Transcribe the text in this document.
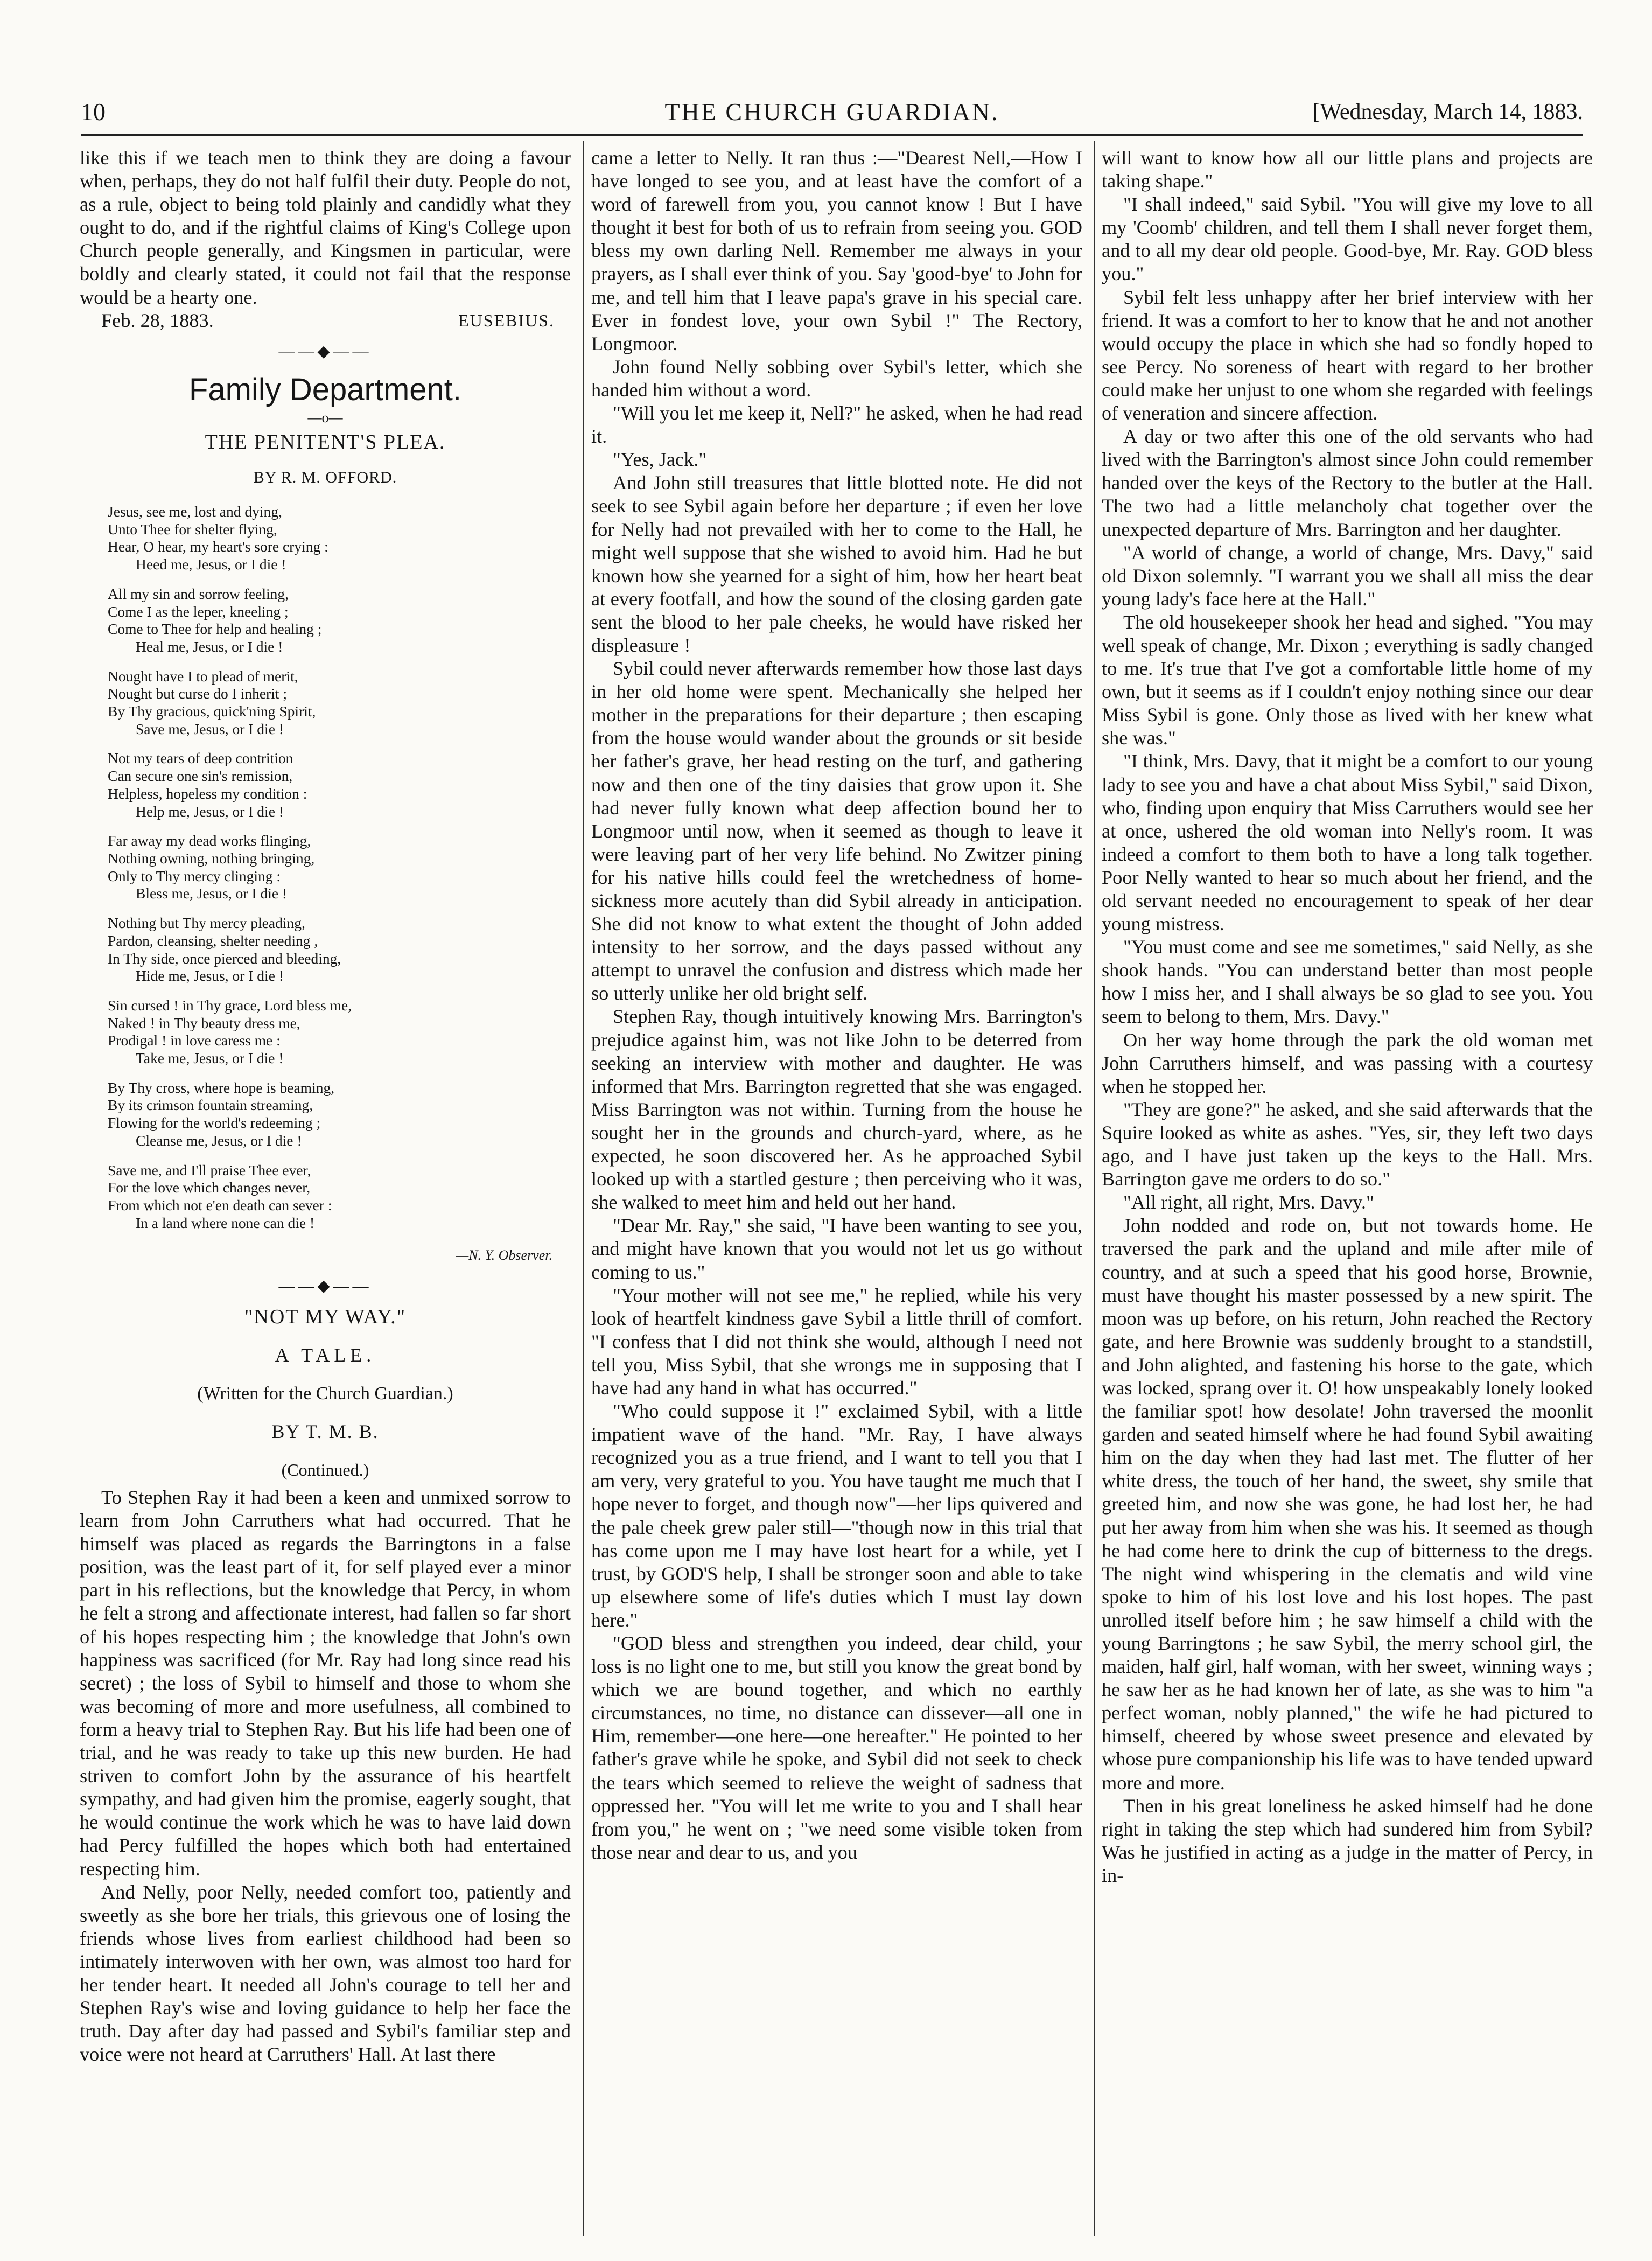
10	THE CHURCH GUARDIAN.	[Wednesday, March 14, 1883.

like this if we teach men to think they are doing a favour when, perhaps, they do not half fulfil their duty. People do not, as a rule, object to being told plainly and candidly what they ought to do, and if the rightful claims of King's College upon Church people generally, and Kingsmen in particular, were boldly and clearly stated, it could not fail that the response would be a hearty one.

Feb. 28, 1883.	EUSEBIUS.
——◆——
Family Department.
—o—
THE PENITENT'S PLEA.
BY R. M. OFFORD.
Jesus, see me, lost and dying,
Unto Thee for shelter flying,
Hear, O hear, my heart's sore crying :
Heed me, Jesus, or I die !
All my sin and sorrow feeling,
Come I as the leper, kneeling ;
Come to Thee for help and healing ;
Heal me, Jesus, or I die !
Nought have I to plead of merit,
Nought but curse do I inherit ;
By Thy gracious, quick'ning Spirit,
Save me, Jesus, or I die !
Not my tears of deep contrition
Can secure one sin's remission,
Helpless, hopeless my condition :
Help me, Jesus, or I die !
Far away my dead works flinging,
Nothing owning, nothing bringing,
Only to Thy mercy clinging :
Bless me, Jesus, or I die !
Nothing but Thy mercy pleading,
Pardon, cleansing, shelter needing ,
In Thy side, once pierced and bleeding,
Hide me, Jesus, or I die !
Sin cursed ! in Thy grace, Lord bless me,
Naked ! in Thy beauty dress me,
Prodigal ! in love caress me :
Take me, Jesus, or I die !
By Thy cross, where hope is beaming,
By its crimson fountain streaming,
Flowing for the world's redeeming ;
Cleanse me, Jesus, or I die !
Save me, and I'll praise Thee ever,
For the love which changes never,
From which not e'en death can sever :
In a land where none can die !
—N. Y. Observer.
——◆——
"NOT MY WAY."
A TALE.
(Written for the Church Guardian.)
BY T. M. B.
(Continued.)

To Stephen Ray it had been a keen and unmixed sorrow to learn from John Carruthers what had occurred. That he himself was placed as regards the Barringtons in a false position, was the least part of it, for self played ever a minor part in his reflections, but the knowledge that Percy, in whom he felt a strong and affectionate interest, had fallen so far short of his hopes respecting him ; the knowledge that John's own happiness was sacrificed (for Mr. Ray had long since read his secret) ; the loss of Sybil to himself and those to whom she was becoming of more and more usefulness, all combined to form a heavy trial to Stephen Ray. But his life had been one of trial, and he was ready to take up this new burden. He had striven to comfort John by the assurance of his heartfelt sympathy, and had given him the promise, eagerly sought, that he would continue the work which he was to have laid down had Percy fulfilled the hopes which both had entertained respecting him.

And Nelly, poor Nelly, needed comfort too, patiently and sweetly as she bore her trials, this grievous one of losing the friends whose lives from earliest childhood had been so intimately interwoven with her own, was almost too hard for her tender heart. It needed all John's courage to tell her and Stephen Ray's wise and loving guidance to help her face the truth. Day after day had passed and Sybil's familiar step and voice were not heard at Carruthers' Hall. At last there

came a letter to Nelly. It ran thus :—"Dearest Nell,—How I have longed to see you, and at least have the comfort of a word of farewell from you, you cannot know ! But I have thought it best for both of us to refrain from seeing you. GOD bless my own darling Nell. Remember me always in your prayers, as I shall ever think of you. Say 'good-bye' to John for me, and tell him that I leave papa's grave in his special care. Ever in fondest love, your own Sybil !" The Rectory, Longmoor.

John found Nelly sobbing over Sybil's letter, which she handed him without a word.

"Will you let me keep it, Nell?" he asked, when he had read it.

"Yes, Jack."

And John still treasures that little blotted note. He did not seek to see Sybil again before her departure ; if even her love for Nelly had not prevailed with her to come to the Hall, he might well suppose that she wished to avoid him. Had he but known how she yearned for a sight of him, how her heart beat at every footfall, and how the sound of the closing garden gate sent the blood to her pale cheeks, he would have risked her displeasure !

Sybil could never afterwards remember how those last days in her old home were spent. Mechanically she helped her mother in the preparations for their departure ; then escaping from the house would wander about the grounds or sit beside her father's grave, her head resting on the turf, and gathering now and then one of the tiny daisies that grow upon it. She had never fully known what deep affection bound her to Longmoor until now, when it seemed as though to leave it were leaving part of her very life behind. No Zwitzer pining for his native hills could feel the wretchedness of home-sickness more acutely than did Sybil already in anticipation. She did not know to what extent the thought of John added intensity to her sorrow, and the days passed without any attempt to unravel the confusion and distress which made her so utterly unlike her old bright self.

Stephen Ray, though intuitively knowing Mrs. Barrington's prejudice against him, was not like John to be deterred from seeking an interview with mother and daughter. He was informed that Mrs. Barrington regretted that she was engaged. Miss Barrington was not within. Turning from the house he sought her in the grounds and church-yard, where, as he expected, he soon discovered her. As he approached Sybil looked up with a startled gesture ; then perceiving who it was, she walked to meet him and held out her hand.

"Dear Mr. Ray," she said, "I have been wanting to see you, and might have known that you would not let us go without coming to us."

"Your mother will not see me," he replied, while his very look of heartfelt kindness gave Sybil a little thrill of comfort. "I confess that I did not think she would, although I need not tell you, Miss Sybil, that she wrongs me in supposing that I have had any hand in what has occurred."

"Who could suppose it !" exclaimed Sybil, with a little impatient wave of the hand. "Mr. Ray, I have always recognized you as a true friend, and I want to tell you that I am very, very grateful to you. You have taught me much that I hope never to forget, and though now"—her lips quivered and the pale cheek grew paler still—"though now in this trial that has come upon me I may have lost heart for a while, yet I trust, by GOD'S help, I shall be stronger soon and able to take up elsewhere some of life's duties which I must lay down here."

"GOD bless and strengthen you indeed, dear child, your loss is no light one to me, but still you know the great bond by which we are bound together, and which no earthly circumstances, no time, no distance can dissever—all one in Him, remember—one here—one hereafter." He pointed to her father's grave while he spoke, and Sybil did not seek to check the tears which seemed to relieve the weight of sadness that oppressed her. "You will let me write to you and I shall hear from you," he went on ; "we need some visible token from those near and dear to us, and you

will want to know how all our little plans and projects are taking shape."

"I shall indeed," said Sybil. "You will give my love to all my 'Coomb' children, and tell them I shall never forget them, and to all my dear old people. Good-bye, Mr. Ray. GOD bless you."

Sybil felt less unhappy after her brief interview with her friend. It was a comfort to her to know that he and not another would occupy the place in which she had so fondly hoped to see Percy. No soreness of heart with regard to her brother could make her unjust to one whom she regarded with feelings of veneration and sincere affection.

A day or two after this one of the old servants who had lived with the Barrington's almost since John could remember handed over the keys of the Rectory to the butler at the Hall. The two had a little melancholy chat together over the unexpected departure of Mrs. Barrington and her daughter.

"A world of change, a world of change, Mrs. Davy," said old Dixon solemnly. "I warrant you we shall all miss the dear young lady's face here at the Hall."

The old housekeeper shook her head and sighed. "You may well speak of change, Mr. Dixon ; everything is sadly changed to me. It's true that I've got a comfortable little home of my own, but it seems as if I couldn't enjoy nothing since our dear Miss Sybil is gone. Only those as lived with her knew what she was."

"I think, Mrs. Davy, that it might be a comfort to our young lady to see you and have a chat about Miss Sybil," said Dixon, who, finding upon enquiry that Miss Carruthers would see her at once, ushered the old woman into Nelly's room. It was indeed a comfort to them both to have a long talk together. Poor Nelly wanted to hear so much about her friend, and the old servant needed no encouragement to speak of her dear young mistress.

"You must come and see me sometimes," said Nelly, as she shook hands. "You can understand better than most people how I miss her, and I shall always be so glad to see you. You seem to belong to them, Mrs. Davy."

On her way home through the park the old woman met John Carruthers himself, and was passing with a courtesy when he stopped her.

"They are gone?" he asked, and she said afterwards that the Squire looked as white as ashes. "Yes, sir, they left two days ago, and I have just taken up the keys to the Hall. Mrs. Barrington gave me orders to do so."

"All right, all right, Mrs. Davy."

John nodded and rode on, but not towards home. He traversed the park and the upland and mile after mile of country, and at such a speed that his good horse, Brownie, must have thought his master possessed by a new spirit. The moon was up before, on his return, John reached the Rectory gate, and here Brownie was suddenly brought to a standstill, and John alighted, and fastening his horse to the gate, which was locked, sprang over it. O! how unspeakably lonely looked the familiar spot! how desolate! John traversed the moonlit garden and seated himself where he had found Sybil awaiting him on the day when they had last met. The flutter of her white dress, the touch of her hand, the sweet, shy smile that greeted him, and now she was gone, he had lost her, he had put her away from him when she was his. It seemed as though he had come here to drink the cup of bitterness to the dregs. The night wind whispering in the clematis and wild vine spoke to him of his lost love and his lost hopes. The past unrolled itself before him ; he saw himself a child with the young Barringtons ; he saw Sybil, the merry school girl, the maiden, half girl, half woman, with her sweet, winning ways ; he saw her as he had known her of late, as she was to him "a perfect woman, nobly planned," the wife he had pictured to himself, cheered by whose sweet presence and elevated by whose pure companionship his life was to have tended upward more and more.

Then in his great loneliness he asked himself had he done right in taking the step which had sundered him from Sybil? Was he justified in acting as a judge in the matter of Percy, in in-
